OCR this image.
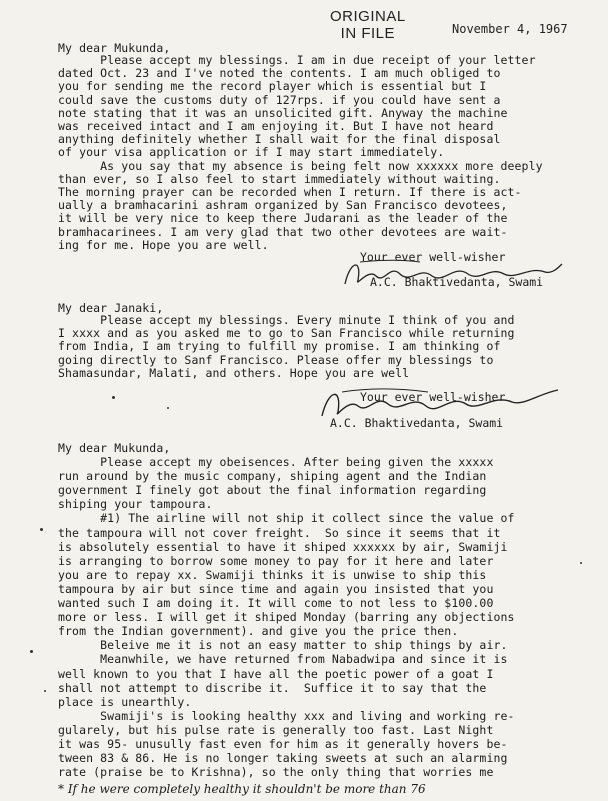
ORIGINAL
IN FILE	November 4, 1967
My dear Mukunda,
Please accept my blessings. I am in due receipt of your letter
dated Oct. 23 and I've noted the contents. I am much obliged to
you for sending me the record player which is essential but I
could save the customs duty of 127rps. if you could have sent a
note stating that it was an unsolicited gift. Anyway the machine
was received intact and I am enjoying it. But I have not heard
anything definitely whether I shall wait for the final disposal
of your visa application or if I may start immediately.
As you say that my absence is being felt now xxxxxx more deeply
than ever, so I also feel to start immediately without waiting.
The morning prayer can be recorded when I return. If there is act-
ually a bramhacarini ashram organized by San Francisco devotees,
it will be very nice to keep there Judarani as the leader of the
bramhacarinees. I am very glad that two other devotees are wait-
ing for me. Hope you are well.
Your ever well-wisher
A.C. Bhaktivedanta, Swami
My dear Janaki,
Please accept my blessings. Every minute I think of you and
I xxxx and as you asked me to go to San Francisco while returning
from India, I am trying to fulfill my promise. I am thinking of
going directly to Sanf Francisco. Please offer my blessings to
Shamasundar, Malati, and others. Hope you are well
Your ever well-wisher
A.C. Bhaktivedanta, Swami
My dear Mukunda,
Please accept my obeisences. After being given the xxxxx
run around by the music company, shiping agent and the Indian
government I finely got about the final information regarding
shiping your tampoura.
#1) The airline will not ship it collect since the value of
the tampoura will not cover freight.  So since it seems that it
is absolutely essential to have it shiped xxxxxx by air, Swamiji
is arranging to borrow some money to pay for it here and later
you are to repay xx. Swamiji thinks it is unwise to ship this
tampoura by air but since time and again you insisted that you
wanted such I am doing it. It will come to not less to $100.00
more or less. I will get it shiped Monday (barring any objections
from the Indian government). and give you the price then.
Beleive me it is not an easy matter to ship things by air.
Meanwhile, we have returned from Nabadwipa and since it is
well known to you that I have all the poetic power of a goat I
shall not attempt to discribe it.  Suffice it to say that the
place is unearthly.
Swamiji's is looking healthy xxx and living and working re-
gularely, but his pulse rate is generally too fast. Last Night
it was 95- unusully fast even for him as it generally hovers be-
tween 83 & 86. He is no longer taking sweets at such an alarming
rate (praise be to Krishna), so the only thing that worries me
* If he were completely healthy it shouldn't be more than 76
